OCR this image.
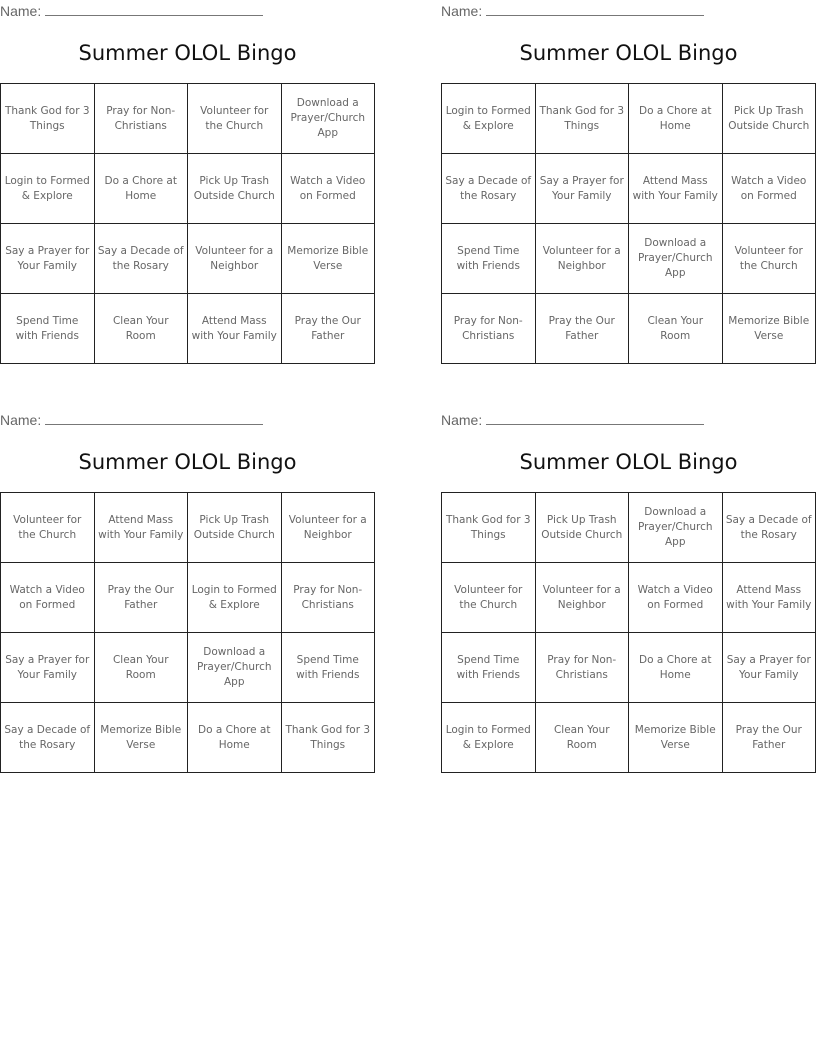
Name:
Summer OLOL Bingo
Thank God for 3 Things	Pray for Non-Christians	Volunteer for the Church	Download a Prayer/Church App
Login to Formed & Explore	Do a Chore at Home	Pick Up Trash Outside Church	Watch a Video on Formed
Say a Prayer for Your Family	Say a Decade of the Rosary	Volunteer for a Neighbor	Memorize Bible Verse
Spend Time with Friends	Clean Your Room	Attend Mass with Your Family	Pray the Our Father
Name:
Summer OLOL Bingo
Login to Formed & Explore	Thank God for 3 Things	Do a Chore at Home	Pick Up Trash Outside Church
Say a Decade of the Rosary	Say a Prayer for Your Family	Attend Mass with Your Family	Watch a Video on Formed
Spend Time with Friends	Volunteer for a Neighbor	Download a Prayer/Church App	Volunteer for the Church
Pray for Non-Christians	Pray the Our Father	Clean Your Room	Memorize Bible Verse
Name:
Summer OLOL Bingo
Volunteer for the Church	Attend Mass with Your Family	Pick Up Trash Outside Church	Volunteer for a Neighbor
Watch a Video on Formed	Pray the Our Father	Login to Formed & Explore	Pray for Non-Christians
Say a Prayer for Your Family	Clean Your Room	Download a Prayer/Church App	Spend Time with Friends
Say a Decade of the Rosary	Memorize Bible Verse	Do a Chore at Home	Thank God for 3 Things
Name:
Summer OLOL Bingo
Thank God for 3 Things	Pick Up Trash Outside Church	Download a Prayer/Church App	Say a Decade of the Rosary
Volunteer for the Church	Volunteer for a Neighbor	Watch a Video on Formed	Attend Mass with Your Family
Spend Time with Friends	Pray for Non-Christians	Do a Chore at Home	Say a Prayer for Your Family
Login to Formed & Explore	Clean Your Room	Memorize Bible Verse	Pray the Our Father
